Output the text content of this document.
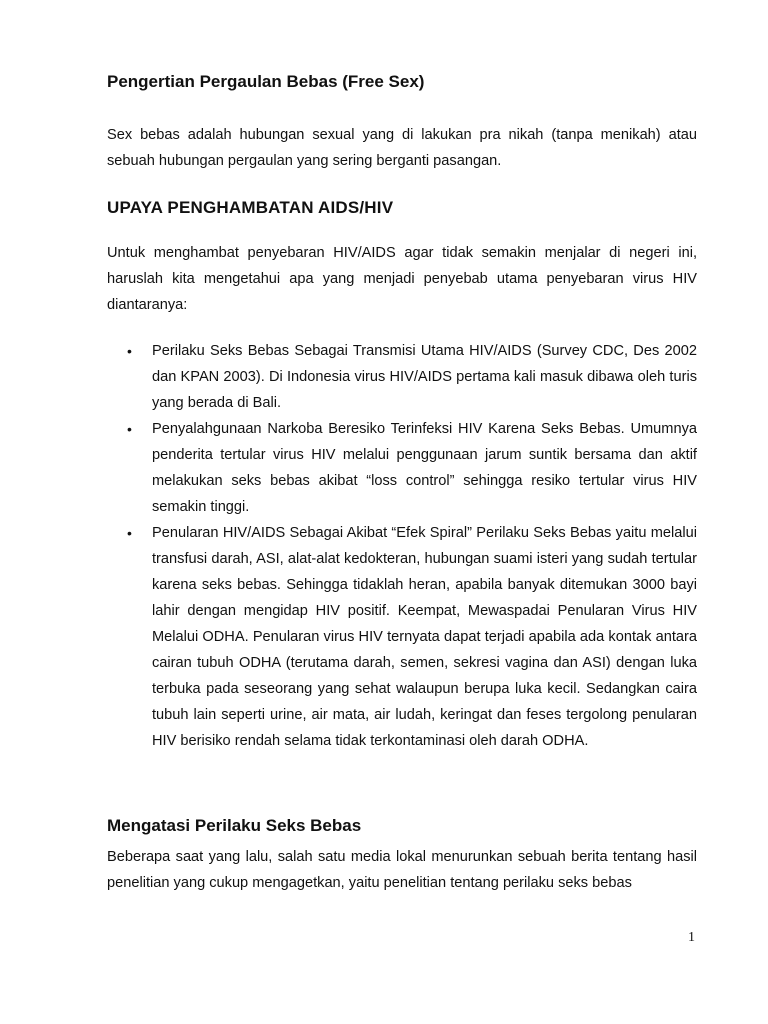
Pengertian Pergaulan Bebas (Free Sex)

Sex bebas adalah hubungan sexual yang di lakukan pra nikah (tanpa menikah) atau sebuah hubungan pergaulan yang sering berganti pasangan.

UPAYA PENGHAMBATAN AIDS/HIV

Untuk menghambat penyebaran HIV/AIDS agar tidak semakin menjalar di negeri ini, haruslah kita mengetahui apa yang menjadi penyebab utama penyebaran virus HIV diantaranya:

• Perilaku Seks Bebas Sebagai Transmisi Utama HIV/AIDS (Survey CDC, Des 2002 dan KPAN 2003). Di Indonesia virus HIV/AIDS pertama kali masuk dibawa oleh turis yang berada di Bali.
• Penyalahgunaan Narkoba Beresiko Terinfeksi HIV Karena Seks Bebas. Umumnya penderita tertular virus HIV melalui penggunaan jarum suntik bersama dan aktif melakukan seks bebas akibat “loss control” sehingga resiko tertular virus HIV semakin tinggi.
• Penularan HIV/AIDS Sebagai Akibat “Efek Spiral” Perilaku Seks Bebas yaitu melalui transfusi darah, ASI, alat-alat kedokteran, hubungan suami isteri yang sudah tertular karena seks bebas. Sehingga tidaklah heran, apabila banyak ditemukan 3000 bayi lahir dengan mengidap HIV positif. Keempat, Mewaspadai Penularan Virus HIV Melalui ODHA. Penularan virus HIV ternyata dapat terjadi apabila ada kontak antara cairan tubuh ODHA (terutama darah, semen, sekresi vagina dan ASI) dengan luka terbuka pada seseorang yang sehat walaupun berupa luka kecil. Sedangkan caira tubuh lain seperti urine, air mata, air ludah, keringat dan feses tergolong penularan HIV berisiko rendah selama tidak terkontaminasi oleh darah ODHA.
Mengatasi Perilaku Seks Bebas

Beberapa saat yang lalu, salah satu media lokal menurunkan sebuah berita tentang hasil penelitian yang cukup mengagetkan, yaitu penelitian tentang perilaku seks bebas

1
